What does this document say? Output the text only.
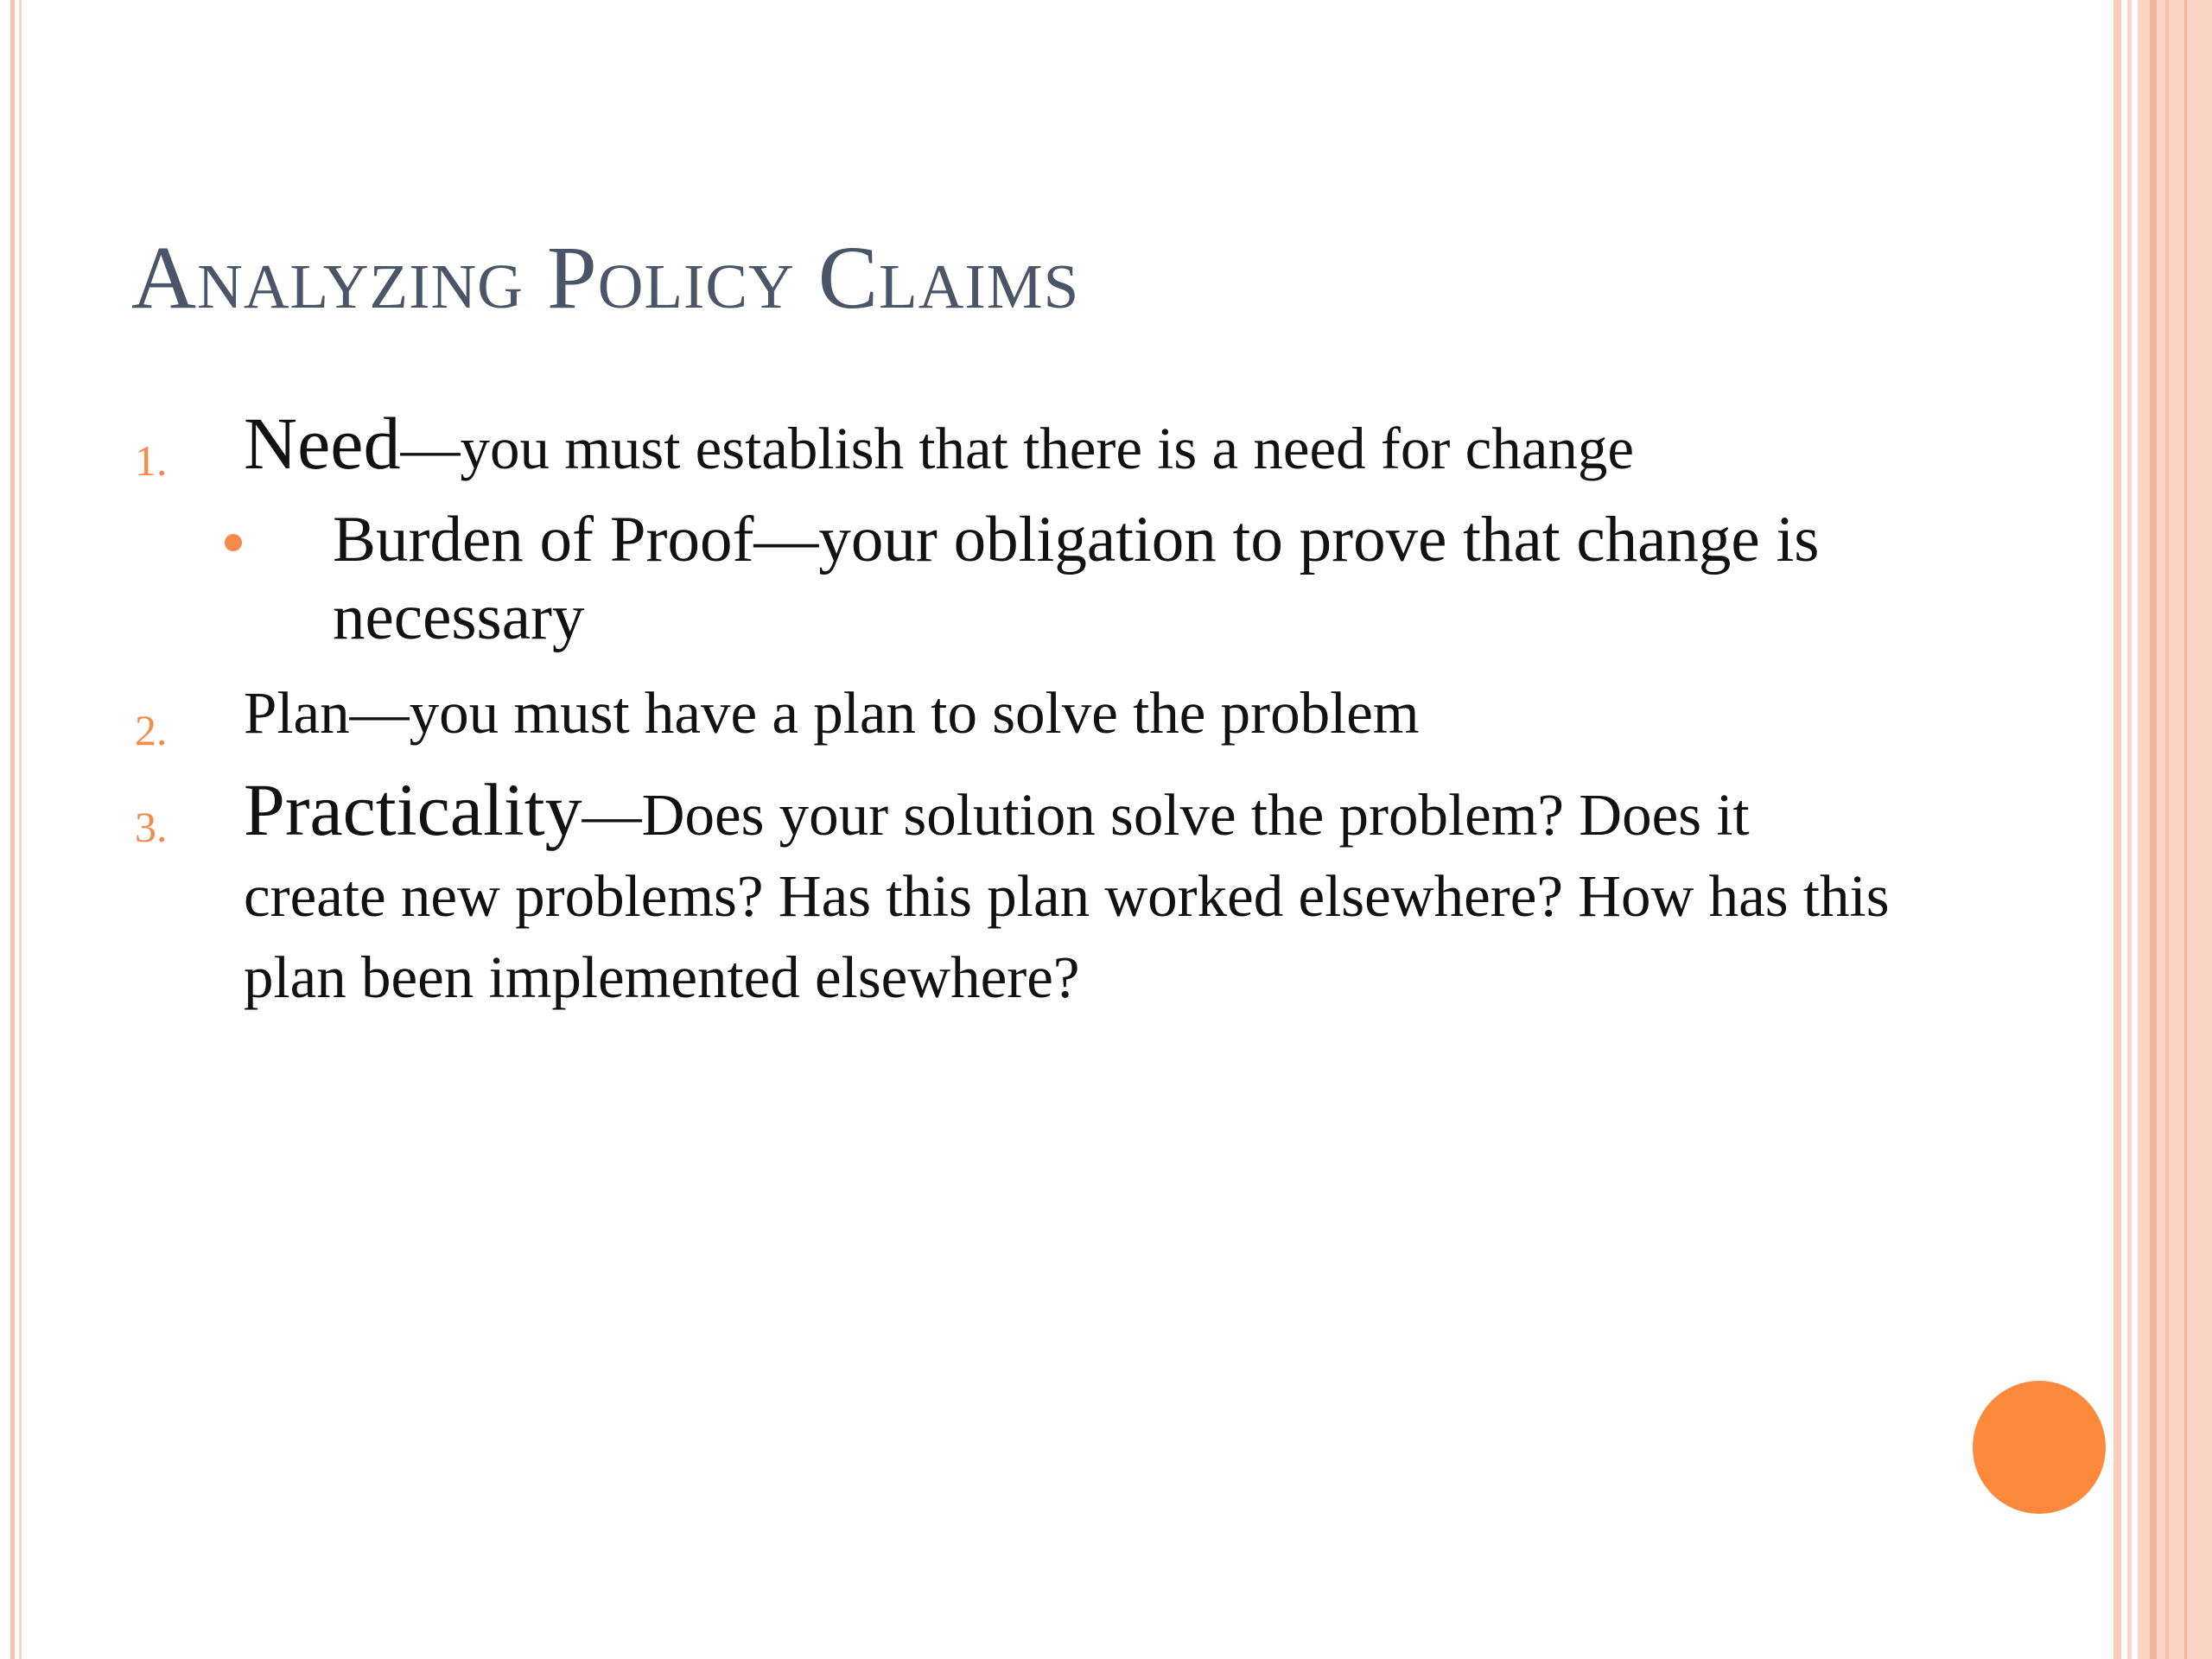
Analyzing Policy Claims
1. Need—you must establish that there is a need for change
Burden of Proof—your obligation to prove that change is necessary
2. Plan—you must have a plan to solve the problem
3. Practicality—Does your solution solve the problem? Does it create new problems? Has this plan worked elsewhere? How has this plan been implemented elsewhere?
